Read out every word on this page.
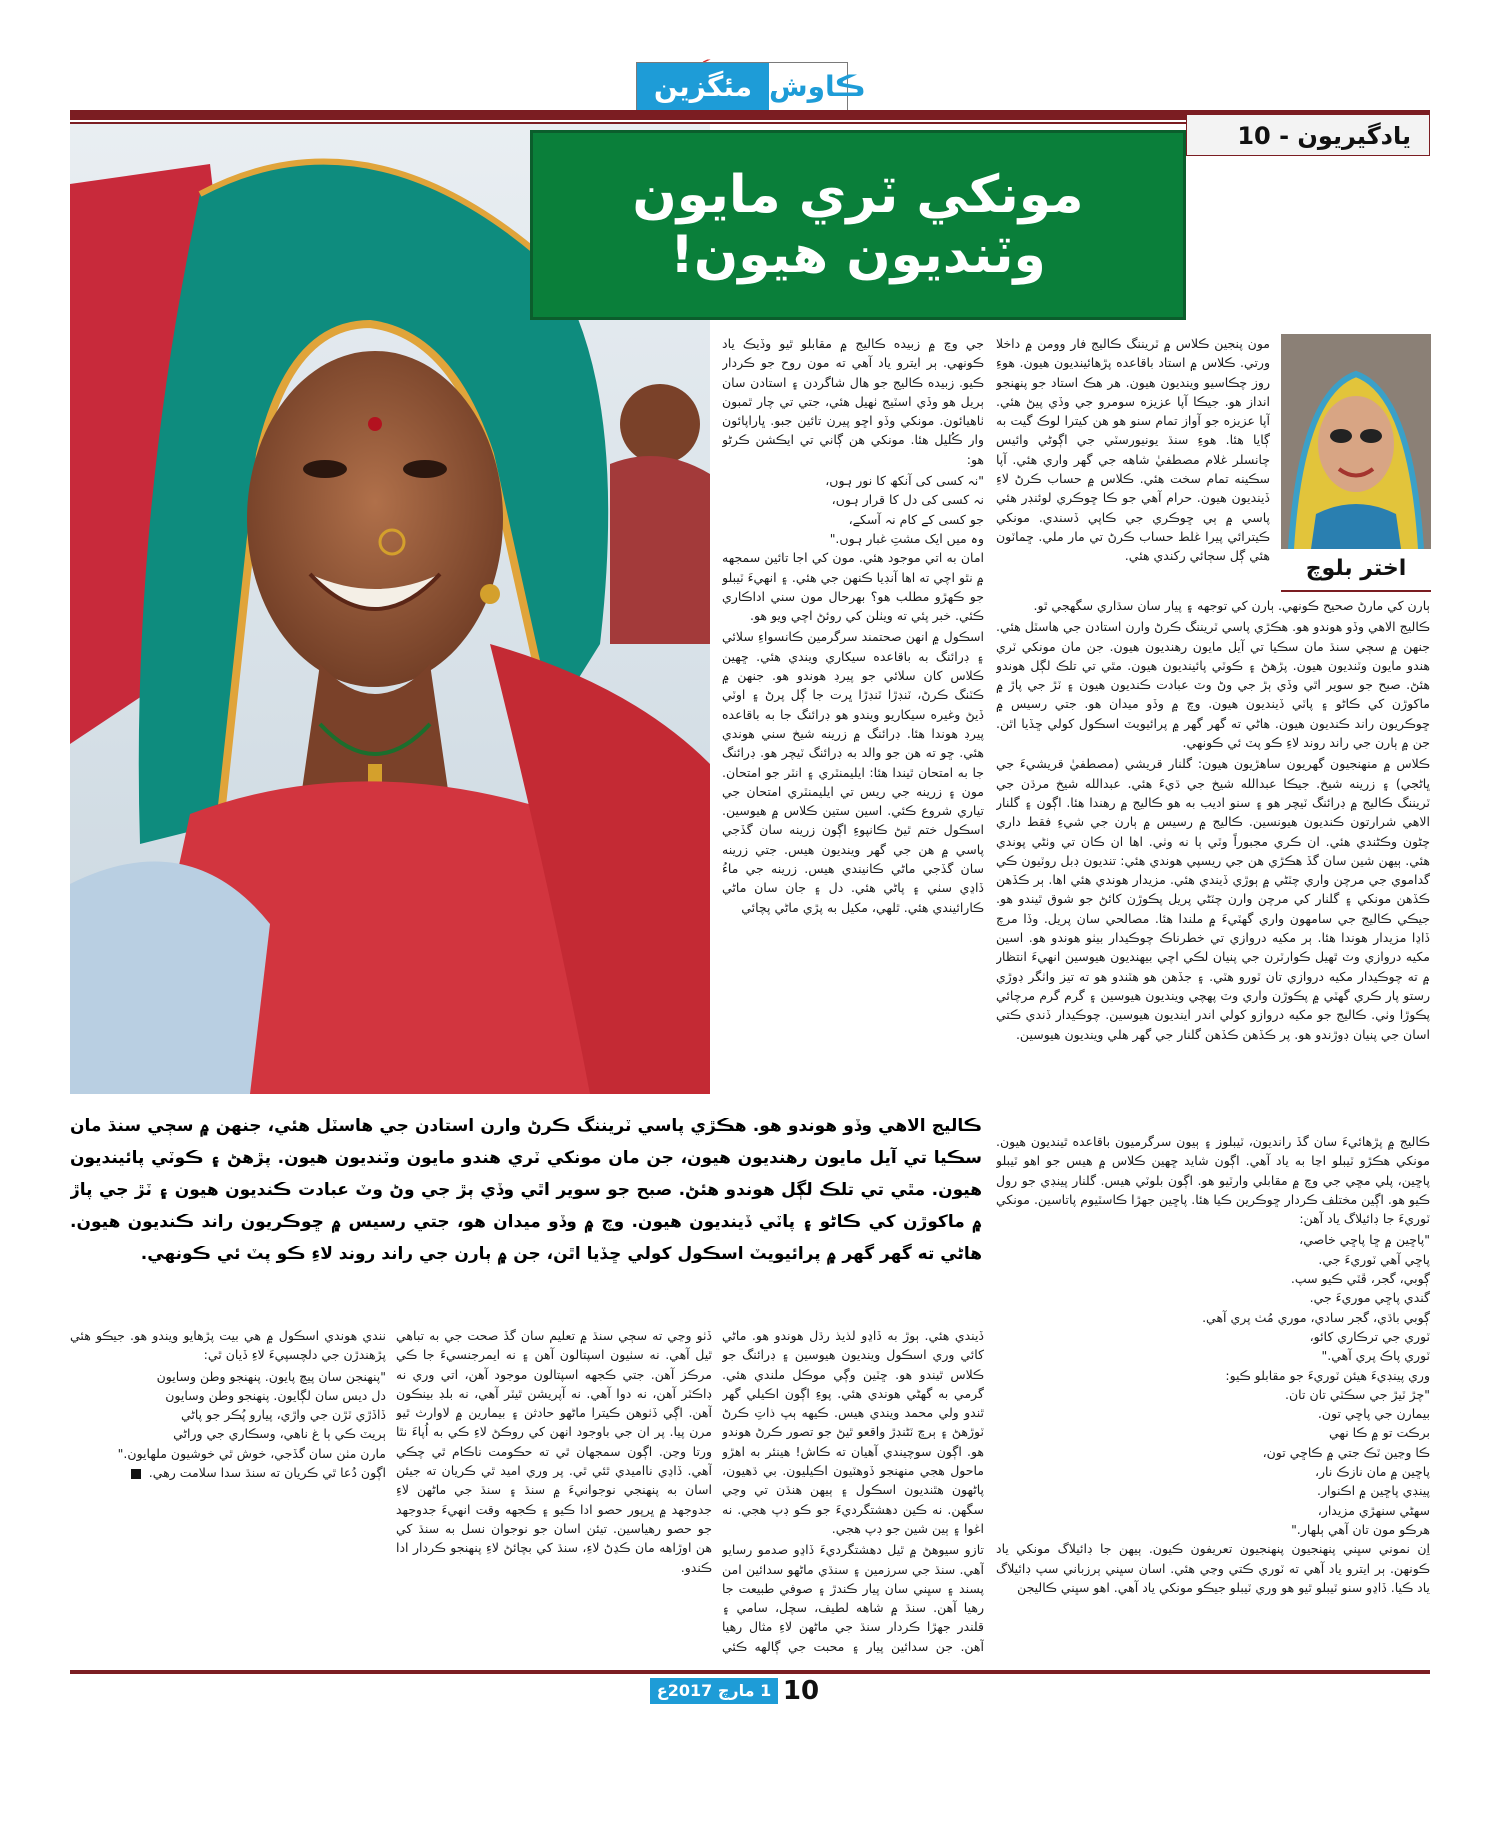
مئگزين ڪاوش
يادگيريون - 10
مونکي ٽري مايون وٽنديون هيون!
اختر بلوچ

مون پنجين ڪلاس ۾ ٽريننگ ڪاليج فار وومن ۾ داخلا ورتي. ڪلاس ۾ استاد باقاعده پڙهائينديون هيون. هوءِ روز چڪاسيو وينديون هيون. هر هڪ استاد جو پنهنجو انداز هو. جيڪا آپا عزيزه سومرو جي وڏي پيڻ هئي. آپا عزيزه جو آواز تمام سنو هو هن کيترا لوڪ گيت به ڳايا هئا. هوءِ سنڌ يونيورسٽي جي اڳوڻي وائيس چانسلر غلام مصطفيٰ شاهه جي گهر واري هئي. آپا سڪينه تمام سخت هئي. ڪلاس ۾ حساب ڪرڻ لاءِ ڏينديون هيون. حرام آهي جو ڪا ڇوڪري لوئنڊر هئي پاسي ۾ ٻي ڇوڪري جي ڪاپي ڏسندي. مونکي ڪيترائي پيرا غلط حساب ڪرڻ تي مار ملي. ڇماٽون هئي ڳل سڄائي رکندي هئي.

ٻارن کي مارڻ صحيح ڪونهي. ٻارن کي توجهه ۽ پيار سان سڌاري سگهجي ٿو.

ڪاليج الاهي وڏو هوندو هو. هڪڙي پاسي ٽريننگ ڪرڻ وارن استادن جي هاسٽل هئي. جنهن ۾ سڄي سنڌ مان سڪيا تي آيل مايون رهنديون هيون. جن مان مونکي ٽري هندو مايون وٽنديون هيون. پڙهڻ ۽ ڪوٽي پائينديون هيون. مٿي تي تلڪ لڳل هوندو هئڻ. صبح جو سوير اٿي وڏي ٻڙ جي وڻ وٽ عبادت ڪنديون هيون ۽ ٽڙ جي پاڙ ۾ ماکوڙن کي ڪاڻو ۽ پاٽي ڏينديون هيون. وچ ۾ وڏو ميدان هو. جتي رسيس ۾ ڇوڪريون راند ڪنديون هيون. هاڻي ته گهر گهر ۾ پرائيويٽ اسڪول کولي ڇڏيا اٿن. جن ۾ ٻارن جي راند روند لاءِ ڪو پٽ ئي ڪونهي.

ڪلاس ۾ منهنجيون گهريون ساهڙيون هيون: گلنار قريشي (مصطفيٰ قريشيءَ جي ڀاڻجي) ۽ زرينه شيخ. جيڪا عبدالله شيخ جي ڌيءَ هئي. عبدالله شيخ مرڌن جي ٽريننگ ڪاليج ۾ ڊرائنگ ٽيچر هو ۽ سنو اديب به هو ڪاليج ۾ رهندا هئا. اڳون ۽ گلنار الاهي شرارتون ڪنديون هيونسين. ڪاليج ۾ رسيس ۾ ٻارن جي شيءِ فقط داري چڻون وڪڻندي هئي. ان ڪري مجبوراً وٽي ٻا نه وٺي. اها ان ڪان تي وٺڻي پوندي هئي. ٻيهن شين سان گڏ هڪڙي هن جي ريسپي هوندي هئي: تنديون ڊبل روٽيون ڪي گداموي جي مرچن واري چٽڻي ۾ ٻوڙي ڏيندي هئي. مزيدار هوندي هئي اها. ٻر ڪڏهن ڪڏهن مونکي ۽ گلنار کي مرچن وارن چٽڻي پريل پڪوڙن کائڻ جو شوق ٿيندو هو. جيڪي ڪاليج جي سامهون واري گهٽيءَ ۾ ملندا هئا. مصالحي سان پريل. وڏا مرچ ڏاڍا مزيدار هوندا هئا. ٻر مکيه دروازي تي خطرناڪ چوڪيدار بيٺو هوندو هو. اسين مکيه دروازي وٽ ٿهيل ڪوارٽرن جي پنيان لڪي اچي بيهنديون هيوسين انهيءَ انتظار ۾ ته چوڪيدار مکيه دروازي تان ٽورو هٽي. ۽ جڏهن هو هٽندو هو ته تيز واٺگر ڊوڙي رستو پار ڪري گهٽي ۾ پڪوڙن واري وٽ پهچي وينديون هيوسين ۽ گرم گرم مرچائي پڪوڙا وٺي. ڪاليج جو مکيه دروازو کولي اندر اينديون هيوسين. چوڪيدار ڏندي ڪتي اسان جي پنيان ڊوڙندو هو. پر ڪڏهن ڪڏهن گلنار جي گهر هلي وينديون هيوسين.

ڪاليج ۾ پڙهائيءَ سان گڏ رانديون، ٽيبلوز ۽ ٻيون سرگرميون باقاعده ٿينديون هيون. مونکي هڪڙو ٽيبلو اڃا به ياد آهي. اڳون شايد ڇهين ڪلاس ۾ هيس جو اهو ٽيبلو پاڇين، پلي مڇي جي وچ ۾ مقابلي وارٽيو هو. اڳون بلوٽي هيس. گلنار پينڊي جو رول ڪيو هو. اڳين مختلف ڪردار ڇوڪرين ڪيا هئا. پاڇين جهڙا ڪاسٽيوم پاتاسين. مونکي ٽوريءَ جا ڊائيلاگ ياد آهن:

"پاڇين ۾ ڇا پاڇي خاصي،
پاڇي آهي ٽوريءَ جي.
ڳوبي، گجر، ڦٽي ڪيو سپ.
گندي پاڇي موريءَ جي.
ڳوبي باڌي، گجر سادي، موري مُٺ پري آهي.
ٽوري جي ترڪاري کائو،
ٽوري پاڪ پري آهي."
وري پينڊيءَ هيئن ٽوريءَ جو مقابلو ڪيو:
"چڙ ٽيڙ جي سڪٽي تان تان.
بيمارن جي پاڇي تون.
برڪت تو ۾ ڪا نهي
ڪا وڃين ٽڪ جتي ۾ ڪاڇي تون،
پاڇين ۾ مان نازڪ نار،
پينڊي پاڇين ۾ اڪنوار.
سهڻي سنهڙي مزيدار،
هرڪو مون تان آهي ٻلهار."

اِن نموني سڀني پنهنجيون پنهنجيون تعريفون ڪيون. ٻيهن جا ڊائيلاگ مونکي ياد ڪونهن. ٻر ايترو ياد آهي ته ٽوري ڪتي وڃي هئي. اسان سڀني ٻرزباني سپ ڊائيلاگ ياد ڪيا. ڏاڍو سنو ٽيبلو ٿيو هو وري ٽيبلو جيڪو مونکي ياد آهي. اهو سڀني ڪاليجن

جي وچ ۾ زبيده ڪاليج ۾ مقابلو ٿيو وڏيڪ ياد ڪونهي. ٻر ايترو ياد آهي ته مون روح جو ڪردار ڪيو. زبيده ڪاليج جو هال شاگردن ۽ استادن سان ٻريل هو وڏي اسٽيج ٺهيل هئي، جتي تي چار ٿمبون ٺاهيائون. مونکي وڏو اڇو پيرن تائين جبو. ڀاراپائون وار ڪُليل هئا. مونکي هن ڳاني تي ايڪشن ڪرڻو هو:

"نہ کسی کی آنکھ کا نور ہوں،
نہ کسی کی دل کا قرار ہوں،
جو کسی کے کام نہ آسکے،
وہ میں ایک مشتِ غبار ہوں."

امان به اتي موجود هئي. مون کي اجا تائين سمجهه ۾ نٿو اچي ته اها آنڊيا ڪنهن جي هئي. ۽ انهيءَ ٽيبلو جو ڪهڙو مطلب هو؟ بهرحال مون سني اداڪاري ڪئي. خبر پئي ته ويٺلن کي روئڻ اچي ويو هو.

اسڪول ۾ انهن صحتمند سرگرمين ڪانسواءِ سلائي ۽ ڊرائنگ به باقاعده سيکاري ويندي هئي. ڇهين ڪلاس کان سلائي جو پيرڊ هوندو هو. جنهن ۾ ڪٽنگ ڪرڻ، ٽنڊڙا ٽنڊڙا ڀرت جا ڳل پرڻ ۽ اوٽي ڏيڻ وغيره سيکاريو ويندو هو ڊرائنگ جا به باقاعده پيرڊ هوندا هئا. ڊرائنگ ۾ زرينه شيخ سني هوندي هئي. ڇو ته هن جو والد به ڊرائنگ ٽيچر هو. ڊرائنگ جا به امتحان ٿيندا هئا: ايليمنٽري ۽ انٽر جو امتحان. مون ۽ زرينه جي ريس تي ايليمنٽري امتحان جي تياري شروع ڪئي. اسين ستين ڪلاس ۾ هيوسين. اسڪول ختم ٿيڻ ڪانپوءِ اڳون زرينه سان گڏجي پاسي ۾ هن جي گهر وينديون هيس. جتي زرينه سان گڏجي ماڻي ڪانيندي هيس. زرينه جي ماءُ ڏاڍي سٺي ۽ پاڻي هئي. دل ۽ جان سان ماڻي ڪارائيندي هئي. ٿلهي، مکيل به پڙي ماڻي پچائي

ڪاليج الاهي وڏو هوندو هو. هڪڙي پاسي ٽريننگ ڪرڻ وارن استادن جي هاسٽل هئي، جنهن ۾ سڄي سنڌ مان سڪيا تي آيل مايون رهنديون هيون، جن مان مونکي ٽري هندو مايون وٽنديون هيون. پڙهڻ ۽ ڪوٽي پائينديون هيون. مٿي تي تلڪ لڳل هوندو هئڻ. صبح جو سوير اٿي وڏي ٻڙ جي وڻ وٽ عبادت ڪنديون هيون ۽ ٽڙ جي پاڙ ۾ ماکوڙن کي ڪاڻو ۽ پاٽي ڏينديون هيون. وچ ۾ وڏو ميدان هو، جتي رسيس ۾ ڇوڪريون راند ڪنديون هيون. هاڻي ته گهر گهر ۾ پرائيويٽ اسڪول کولي ڇڏيا اٿن، جن ۾ ٻارن جي راند روند لاءِ ڪو پٽ ئي ڪونهي.

ڏيندي هئي. ٻوڙ به ڏاڍو لذيذ رڌل هوندو هو. ماڻي کائي وري اسڪول وينديون هيوسين ۽ ڊرائنگ جو ڪلاس ٿيندو هو. ڇٽين وڳي موڪل ملندي هئي. گرمي به گهڻي هوندي هئي. پوءِ اڳون اڪيلي گهر ٿندو ولي محمد ويندي هيس. ڪيهه ٻپ ذاتِ ڪرڻ ٽوڙهڻ ۽ ٻرڇ ٽڻنڊڙ واقعو ٿيڻ جو تصور ڪرڻ هوندو هو. اڳون سوچيندي آهيان ته ڪاش! هينئر به اهڙو ماحول هجي منهنجو ڏوهٽيون اڪيليون. بي ڌهيون، پاڻهون هٿنديون اسڪول ۽ ٻيهن هنڌن تي وڃي سگهن. نه ڪين دهشتگرديءَ جو ڪو ڊپ هجي. نه اغوا ۽ ٻين شين جو ڊپ هجي.

تازو سيوهڻ ۾ ٿيل دهشتگرديءَ ڏاڍو صدمو رسايو آهي. سنڌ جي سرزمين ۽ سنڌي ماڻهو سدائين امن پسند ۽ سڀني سان پيار ڪندڙ ۽ صوفي طبيعت جا رهيا آهن. سنڌ ۾ شاهه لطيف، سچل، سامي ۽ قلندر جهڙا ڪردار سنڌ جي ماڻهن لاءِ مثال رهيا آهن. جن سدائين پيار ۽ محبت جي ڳالهه ڪئي

ڏٺو وڃي ته سڄي سنڌ ۾ تعليم سان گڏ صحت جي به تباهي ٿيل آهي. نه سٺيون اسپتالون آهن ۽ نه ايمرجنسيءَ جا ڪي مرڪز آهن. جتي ڪجهه اسپتالون موجود آهن، اتي وري نه ڊاڪٽر آهن، نه دوا آهي. نه آپريشن ٿيٽر آهي، نه بلڊ بينڪون آهن. اڳي ڏٺوهن ڪيترا ماڻهو حادثن ۽ بيمارين ۾ لاوارث ٿيو مرن پيا. پر ان جي باوجود انهن کي روڪڻ لاءِ ڪي به اُپاءَ نٿا ورتا وڃن. اڳون سمجهان ٿي ته حڪومت ناڪام ٿي چڪي آهي. ڏاڍي نااميدي ٿئي ٿي. پر وري اميد ٿي ڪريان ته جيئن اسان به پنهنجي نوجوانيءَ ۾ سنڌ ۽ سنڌ جي ماڻهن لاءِ جدوجهد ۾ ڀرپور حصو ادا ڪيو ۽ ڪجهه وقت انهيءَ جدوجهد جو حصو رهياسين. تيئن اسان جو نوجوان نسل به سنڌ کي هن اوڙاهه مان ڪڍڻ لاءِ، سنڌ کي بچائڻ لاءِ پنهنجو ڪردار ادا ڪندو.

نندي هوندي اسڪول ۾ هي بيت پڙهايو ويندو هو. جيڪو هئي پڙهندڙن جي دلچسپيءَ لاءِ ڏيان ٿي:

"پنهنجن سان پيچ پايون. پنهنجو وطن وسايون
دل ديس سان لڳايون. پنهنجو وطن وسايون
ڏاڏڙي ٽڙن جي واڙي، پيارو پُڪر جو پاڻي
ٻريٽ ڪي ٻا غ ناهي، وسڪاري جي وراڻي
مارن مٺن سان گڏجي، خوش ٿي خوشيون ملهايون."

اڳون دُعا ٿي ڪريان ته سنڌ سدا سلامت رهي.

1 مارچ 2017ع 10
